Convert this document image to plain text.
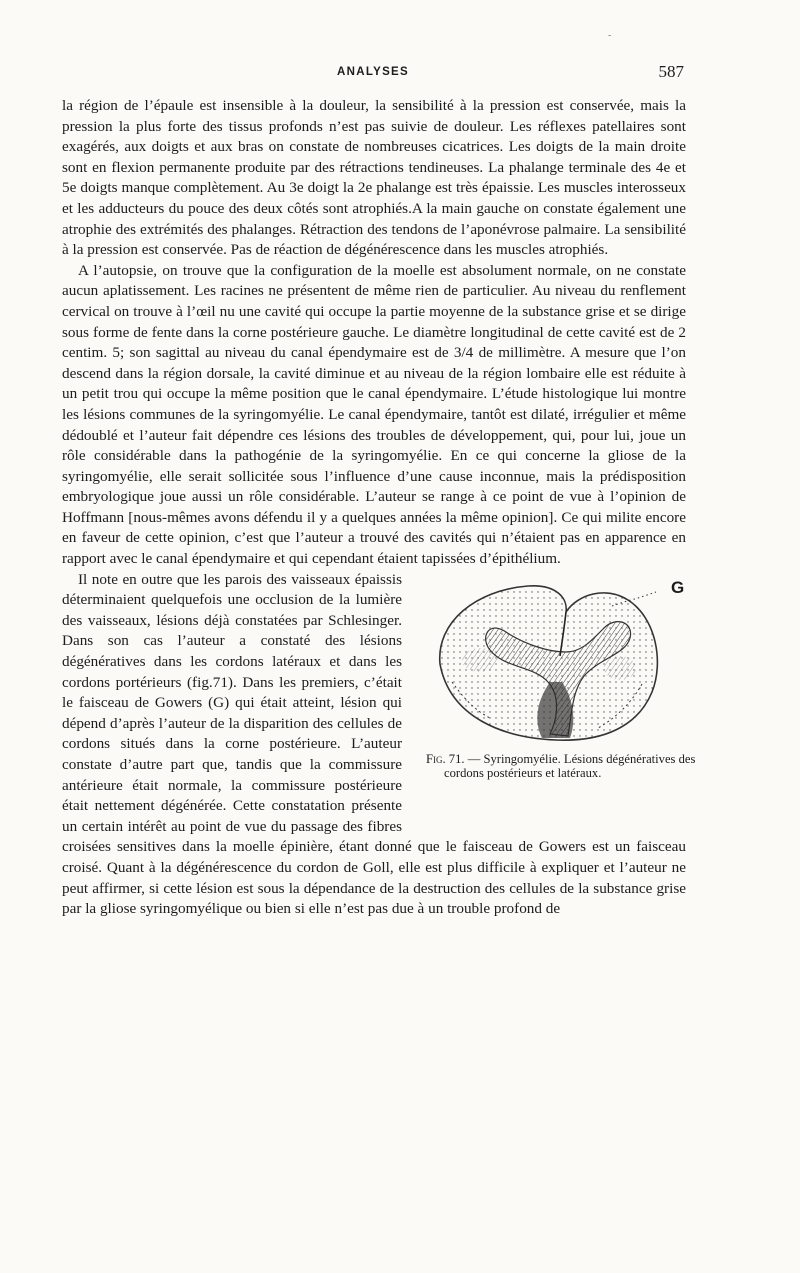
-
ANALYSES	587

la région de l’épaule est insensible à la douleur, la sensibilité à la pression est conservée, mais la pression la plus forte des tissus profonds n’est pas suivie de douleur. Les réflexes patellaires sont exagérés, aux doigts et aux bras on constate de nombreuses cicatrices. Les doigts de la main droite sont en flexion permanente produite par des rétractions tendineuses. La phalange terminale des 4e et 5e doigts manque complètement. Au 3e doigt la 2e phalange est très épaissie. Les muscles interosseux et les adducteurs du pouce des deux côtés sont atrophiés.A la main gauche on constate également une atrophie des extrémités des phalanges. Rétraction des tendons de l’aponévrose palmaire. La sensibilité à la pression est conservée. Pas de réaction de dégénérescence dans les muscles atrophiés.

A l’autopsie, on trouve que la configuration de la moelle est absolument normale, on ne constate aucun aplatissement. Les racines ne présentent de même rien de particulier. Au niveau du renflement cervical on trouve à l’œil nu une cavité qui occupe la partie moyenne de la substance grise et se dirige sous forme de fente dans la corne postérieure gauche. Le diamètre longitudinal de cette cavité est de 2 centim. 5; son sagittal au niveau du canal épendymaire est de 3/4 de millimètre. A mesure que l’on descend dans la région dorsale, la cavité diminue et au niveau de la région lombaire elle est réduite à un petit trou qui occupe la même position que le canal épendymaire. L’étude histologique lui montre les lésions communes de la syringomyélie. Le canal épendymaire, tantôt est dilaté, irrégulier et même dédoublé et l’auteur fait dépendre ces lésions des troubles de développement, qui, pour lui, joue un rôle considérable dans la pathogénie de la syringomyélie. En ce qui concerne la gliose de la syringomyélie, elle serait sollicitée sous l’influence d’une cause inconnue, mais la prédisposition embryologique joue aussi un rôle considérable. L’auteur se range à ce point de vue à l’opinion de Hoffmann [nous-mêmes avons défendu il y a quelques années la même opinion]. Ce qui milite encore en faveur de cette opinion, c’est que l’auteur a trouvé des cavités qui n’étaient pas en apparence en rapport avec le canal épendymaire et qui cependant étaient tapissées d’épithélium.

G
Fig. 71. — Syringomyélie. Lésions dégénératives des cordons postérieurs et latéraux.

Il note en outre que les parois des vaisseaux épaissis déterminaient quelquefois une occlusion de la lumière des vaisseaux, lésions déjà constatées par Schlesinger. Dans son cas l’auteur a constaté des lésions dégénératives dans les cordons latéraux et dans les cordons portérieurs (fig.71). Dans les premiers, c’était le faisceau de Gowers (G) qui était atteint, lésion qui dépend d’après l’auteur de la disparition des cellules de cordons situés dans la corne postérieure. L’auteur constate d’autre part que, tandis que la commissure antérieure était normale, la commissure postérieure était nettement dégénérée. Cette constatation présente un certain intérêt au point de vue du passage des fibres croisées sensitives dans la moelle épinière, étant donné que le faisceau de Gowers est un faisceau croisé. Quant à la dégénérescence du cordon de Goll, elle est plus difficile à expliquer et l’auteur ne peut affirmer, si cette lésion est sous la dépendance de la destruction des cellules de la substance grise par la gliose syringomyélique ou bien si elle n’est pas due à un trouble profond de
